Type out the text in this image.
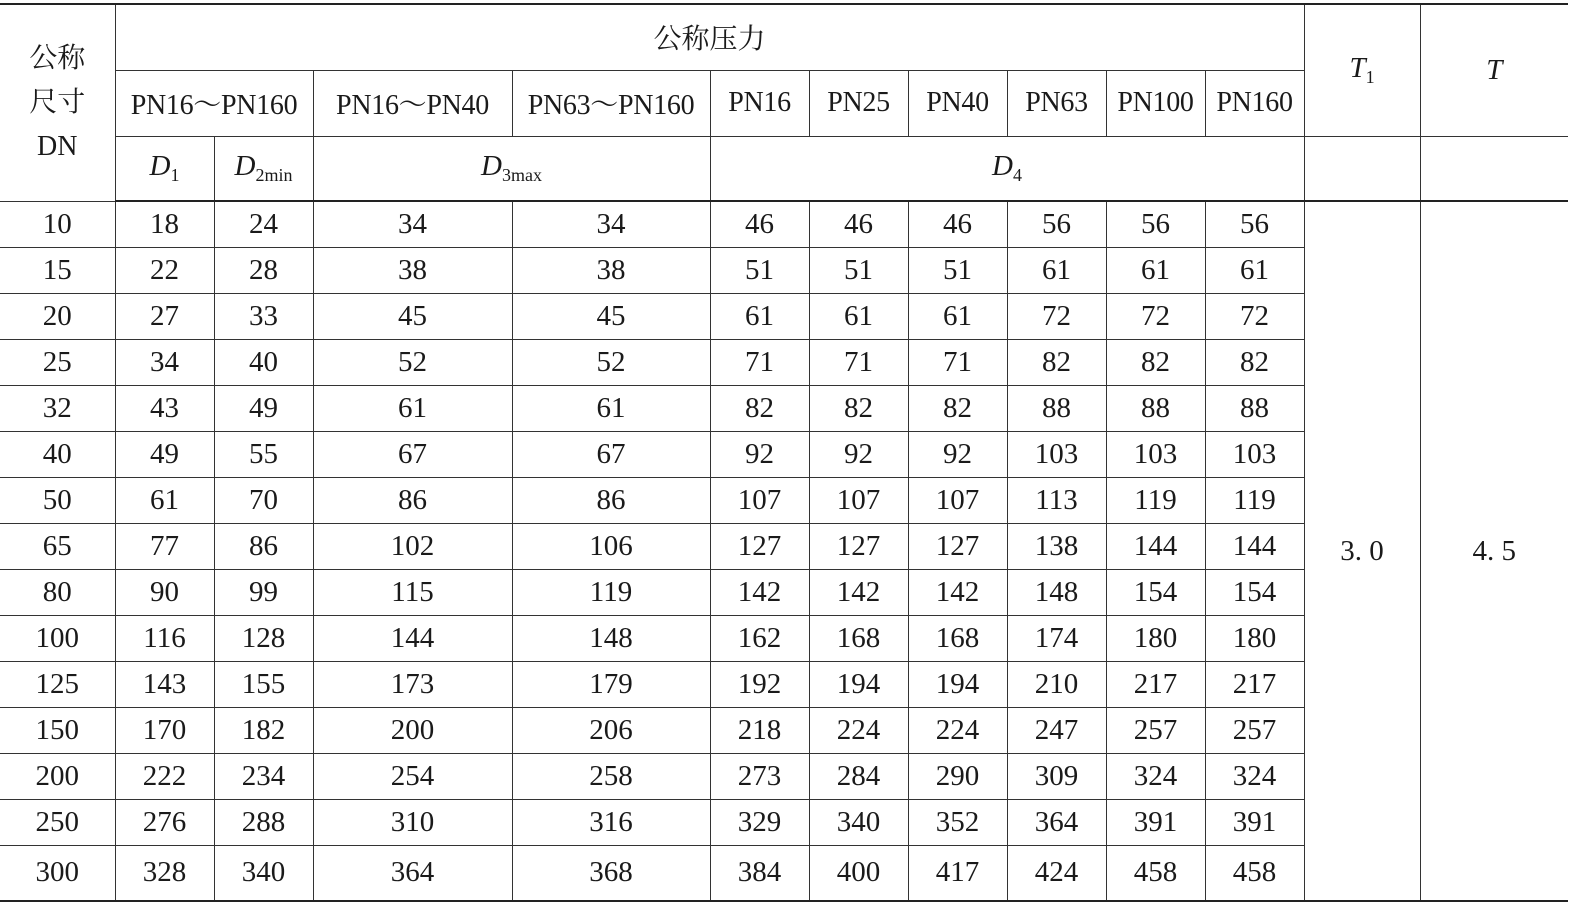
公称
尺寸
DN	公称压力										$T_1$	T
	PN16～PN160		PN16～PN40	PN63～PN160	PN16	PN25	PN40	PN63	PN100	PN160		
	$D_1$	$D_{2min}$	$D_{3max}$		$D_4$		
10	18	24	34	34	46	46	46	56	56	56	3. 0	4. 5
15	22	28	38	38	51	51	51	61	61	61		
20	27	33	45	45	61	61	61	72	72	72		
25	34	40	52	52	71	71	71	82	82	82		
32	43	49	61	61	82	82	82	88	88	88		
40	49	55	67	67	92	92	92	103	103	103		
50	61	70	86	86	107	107	107	113	119	119		
65	77	86	102	106	127	127	127	138	144	144		
80	90	99	115	119	142	142	142	148	154	154		
100	116	128	144	148	162	168	168	174	180	180		
125	143	155	173	179	192	194	194	210	217	217		
150	170	182	200	206	218	224	224	247	257	257		
200	222	234	254	258	273	284	290	309	324	324		
250	276	288	310	316	329	340	352	364	391	391		
300	328	340	364	368	384	400	417	424	458	458		
